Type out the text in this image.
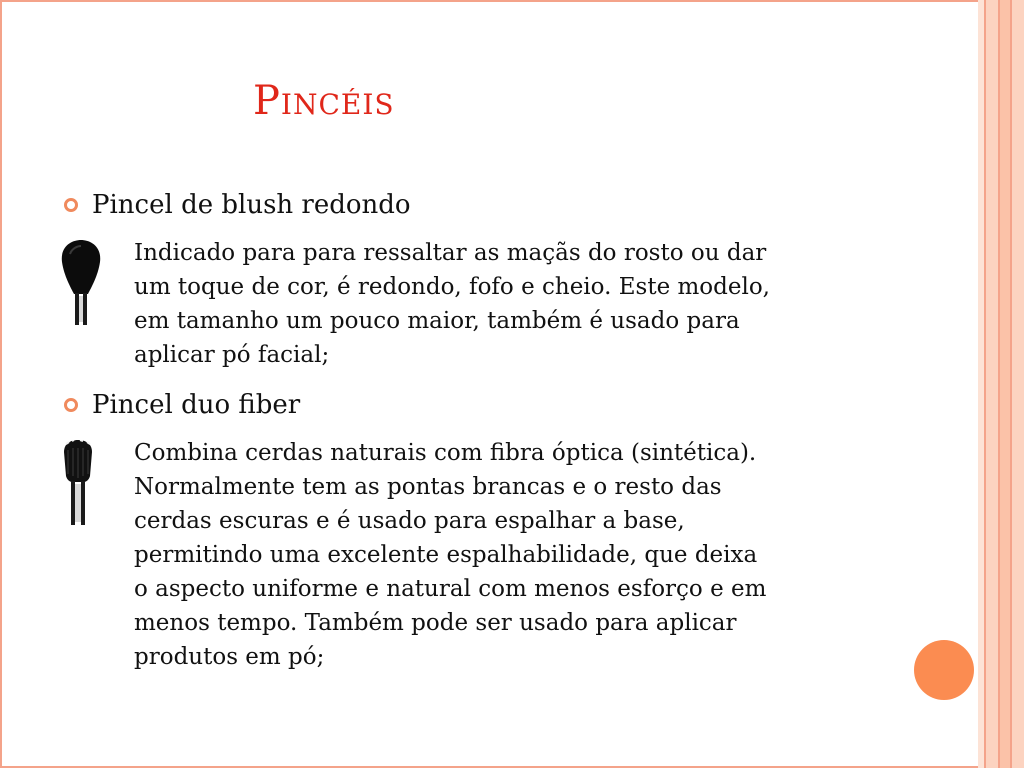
Pincéis
Pincel de blush redondo
Indicado para para ressaltar as maçãs do rosto ou dar
um toque de cor, é redondo, fofo e cheio. Este modelo,
em tamanho um pouco maior, também é usado para
aplicar pó facial;
Pincel duo fiber
Combina cerdas naturais com fibra óptica (sintética).
Normalmente tem as pontas brancas e o resto das
cerdas escuras e é usado para espalhar a base,
permitindo uma excelente espalhabilidade, que deixa
o aspecto uniforme e natural com menos esforço e em
menos tempo. Também pode ser usado para aplicar
produtos em pó;
